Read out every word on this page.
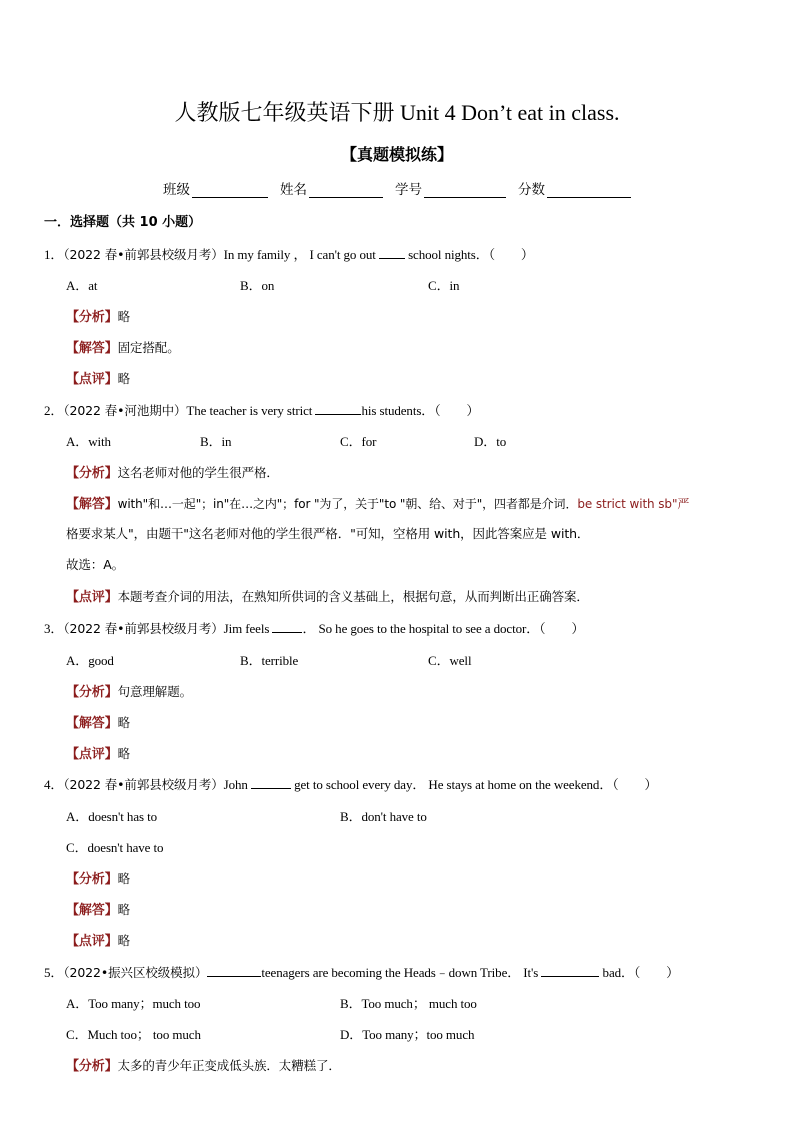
人教版七年级英语下册 Unit 4 Don’t eat in class.
【真题模拟练】
班级	姓名	学号	分数
一．选择题（共 10 小题）
1．（2022 春•前郭县校级月考）In my family ， I can't go out  school nights．（　　）
A．at	B．on	C．in
【分析】略
【解答】固定搭配。
【点评】略
2．（2022 春•河池期中）The teacher is very strict	his students．（　　）
A．with	B．in	C．for	D．to
【分析】这名老师对他的学生很严格．
【解答】with"和…一起"；in"在…之内"；for "为了，关于"to "朝、给、对于"，四者都是介词．be strict with sb"严
格要求某人"，由题干"这名老师对他的学生很严格．"可知，空格用 with，因此答案应是 with．
故选：A。
【点评】本题考查介词的用法，在熟知所供词的含义基础上，根据句意，从而判断出正确答案．
3．（2022 春•前郭县校级月考）Jim feels ． So he goes to the hospital to see a doctor．（　　）
A．good	B．terrible	C．well
【分析】句意理解题。
【解答】略
【点评】略
4．（2022 春•前郭县校级月考）John	get to school every day． He stays at home on the weekend．（　　）
A．doesn't has to	B．don't have to
C．doesn't have to
【分析】略
【解答】略
【点评】略
5．（2022•振兴区校级模拟）	teenagers are becoming the Heads﹣down Tribe． It's	bad．（　　）
A．Too many；much too	B．Too much； much too
C．Much too； too much	D．Too many；too much
【分析】太多的青少年正变成低头族．太糟糕了．
